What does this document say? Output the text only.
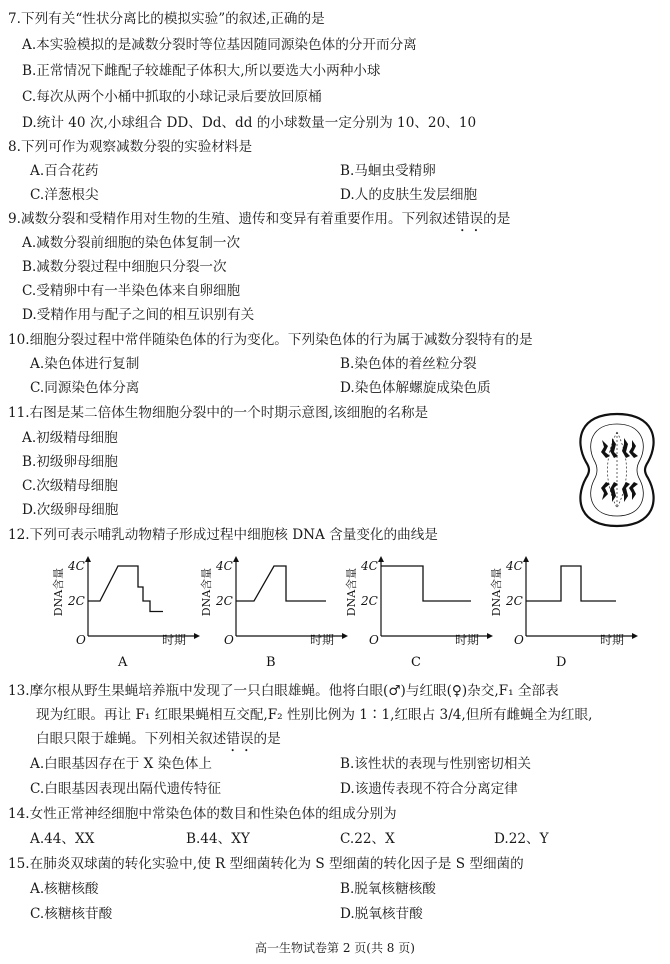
7.下列有关“性状分离比的模拟实验”的叙述,正确的是
A.本实验模拟的是减数分裂时等位基因随同源染色体的分开而分离
B.正常情况下雌配子较雄配子体积大,所以要选大小两种小球
C.每次从两个小桶中抓取的小球记录后要放回原桶
D.统计 40 次,小球组合 DD、Dd、dd 的小球数量一定分别为 10、20、10
8.下列可作为观察减数分裂的实验材料是
A.百合花药	B.马蛔虫受精卵
C.洋葱根尖	D.人的皮肤生发层细胞
9.减数分裂和受精作用对生物的生殖、遗传和变异有着重要作用。下列叙述错误的是
A.减数分裂前细胞的染色体复制一次
B.减数分裂过程中细胞只分裂一次
C.受精卵中有一半染色体来自卵细胞
D.受精作用与配子之间的相互识别有关
10.细胞分裂过程中常伴随染色体的行为变化。下列染色体的行为属于减数分裂特有的是
A.染色体进行复制	B.染色体的着丝粒分裂
C.同源染色体分离	D.染色体解螺旋成染色质
11.右图是某二倍体生物细胞分裂中的一个时期示意图,该细胞的名称是
A.初级精母细胞
B.初级卵母细胞
C.次级精母细胞
D.次级卵母细胞
12.下列可表示哺乳动物精子形成过程中细胞核 DNA 含量变化的曲线是
DNA含量
4C
2C
O	时期
A
DNA含量
4C
2C
O	时期
B
DNA含量
4C
2C
O	时期
C
DNA含量
4C
2C
O	时期
D
13.摩尔根从野生果蝇培养瓶中发现了一只白眼雄蝇。他将白眼(♂)与红眼(♀)杂交,F₁ 全部表
现为红眼。再让 F₁ 红眼果蝇相互交配,F₂ 性别比例为 1∶1,红眼占 3/4,但所有雌蝇全为红眼,
白眼只限于雄蝇。下列相关叙述错误的是
A.白眼基因存在于 X 染色体上	B.该性状的表现与性别密切相关
C.白眼基因表现出隔代遗传特征	D.该遗传表现不符合分离定律
14.女性正常神经细胞中常染色体的数目和性染色体的组成分别为
A.44、XX	B.44、XY	C.22、X	D.22、Y
15.在肺炎双球菌的转化实验中,使 R 型细菌转化为 S 型细菌的转化因子是 S 型细菌的
A.核糖核酸	B.脱氧核糖核酸
C.核糖核苷酸	D.脱氧核苷酸
高一生物试卷第 2 页(共 8 页)
